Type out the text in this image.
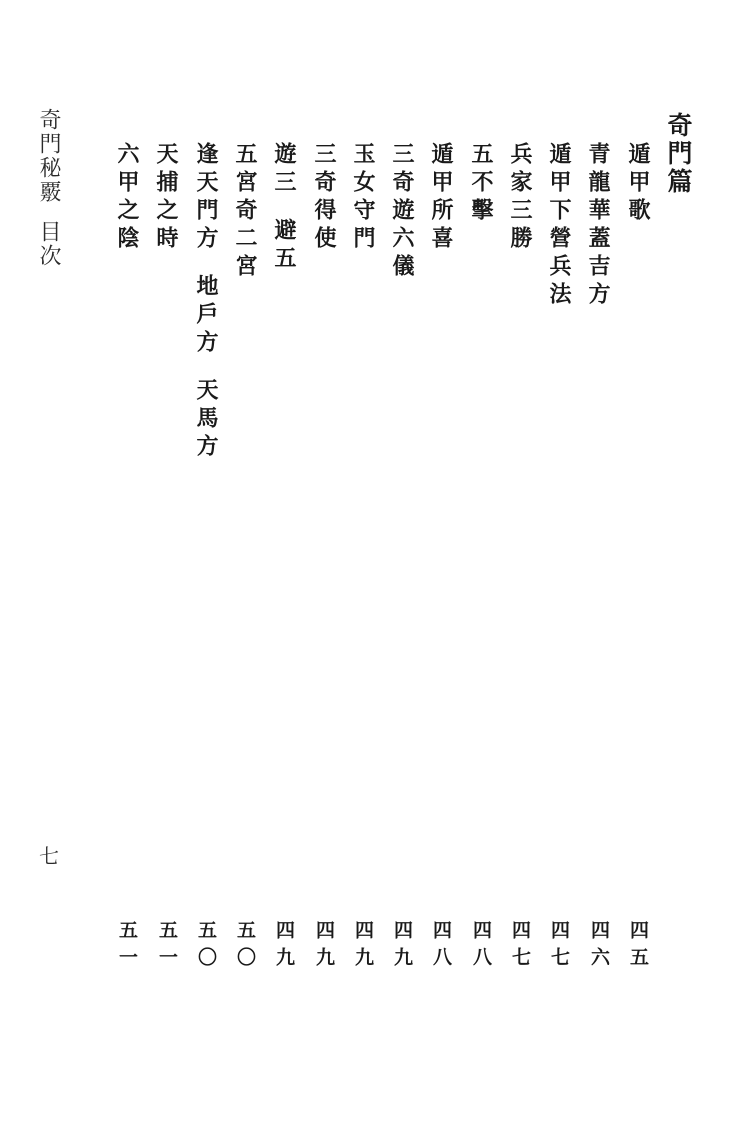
奇門秘覈目次
七
奇門篇
遁甲歌
青龍華蓋吉方
遁甲下營兵法
兵家三勝
五不擊
遁甲所喜
三奇遊六儀
玉女守門
三奇得使
遊三避五
五宮奇二宮
逢天門方地戶方天馬方
天捕之時
六甲之陰
四五
四六
四七
四七
四八
四八
四九
四九
四九
四九
五〇
五〇
五一
五一
